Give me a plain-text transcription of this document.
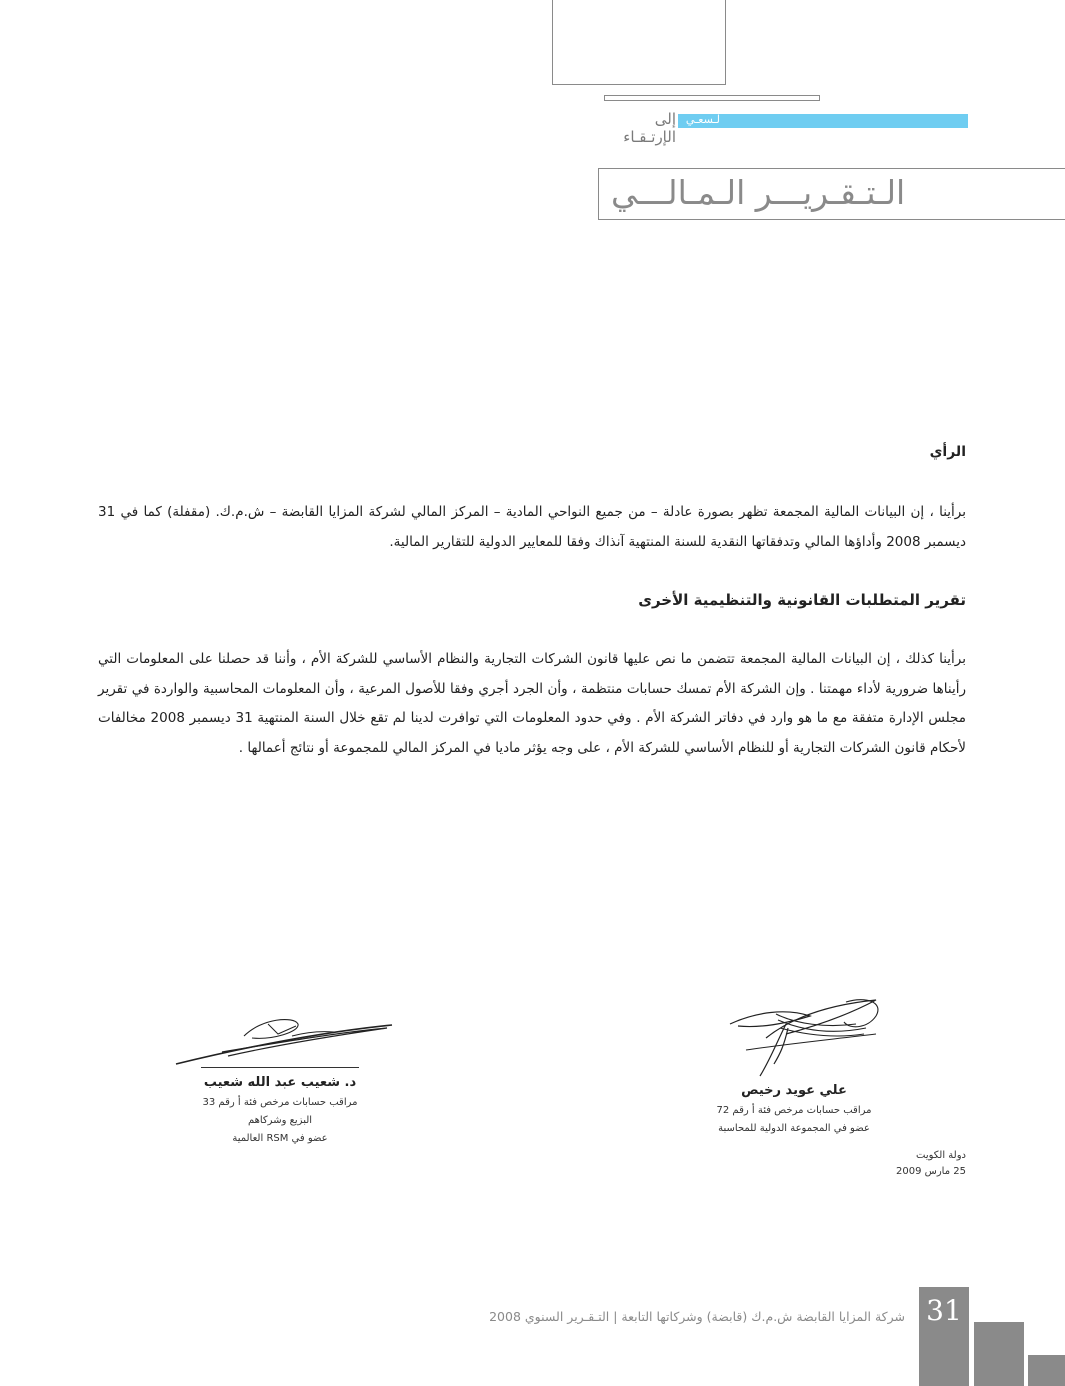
لـسعـي
إلى الإرتـقـاء
الـتـقـريـــر الـمـالـــي
الرأي
برأينا ، إن البيانات المالية المجمعة تظهر بصورة عادلة – من جميع النواحي المادية – المركز المالي لشركة المزايا القابضة – ش.م.ك. (مقفلة) كما في 31 ديسمبر 2008 وأداؤها المالي وتدفقاتها النقدية للسنة المنتهية آنذاك وفقا للمعايير الدولية للتقارير المالية.
تقرير المتطلبات القانونية والتنظيمية الأخرى
برأينا كذلك ، إن البيانات المالية المجمعة تتضمن ما نص عليها قانون الشركات التجارية والنظام الأساسي للشركة الأم ، وأننا قد حصلنا على المعلومات التي رأيناها ضرورية لأداء مهمتنا . وإن الشركة الأم تمسك حسابات منتظمة ، وأن الجرد أجري وفقا للأصول المرعية ، وأن المعلومات المحاسبية والواردة في تقرير مجلس الإدارة متفقة مع ما هو وارد في دفاتر الشركة الأم . وفي حدود المعلومات التي توافرت لدينا لم تقع خلال السنة المنتهية 31 ديسمبر 2008 مخالفات لأحكام قانون الشركات التجارية أو للنظام الأساسي للشركة الأم ، على وجه يؤثر ماديا في المركز المالي للمجموعة أو نتائج أعمالها .
د. شعيب عبد الله شعيب
مراقب حسابات مرخص فئة أ رقم 33
البزيع وشركاهم
عضو في RSM العالمية
علي عويد رخيص
مراقب حسابات مرخص فئة أ رقم 72
عضو في المجموعة الدولية للمحاسبة
دولة الكويت
25 مارس 2009
شركة المزايا القابضة ش.م.ك (قابضة) وشركاتها التابعة | التـقـرير السنوي 2008 31
